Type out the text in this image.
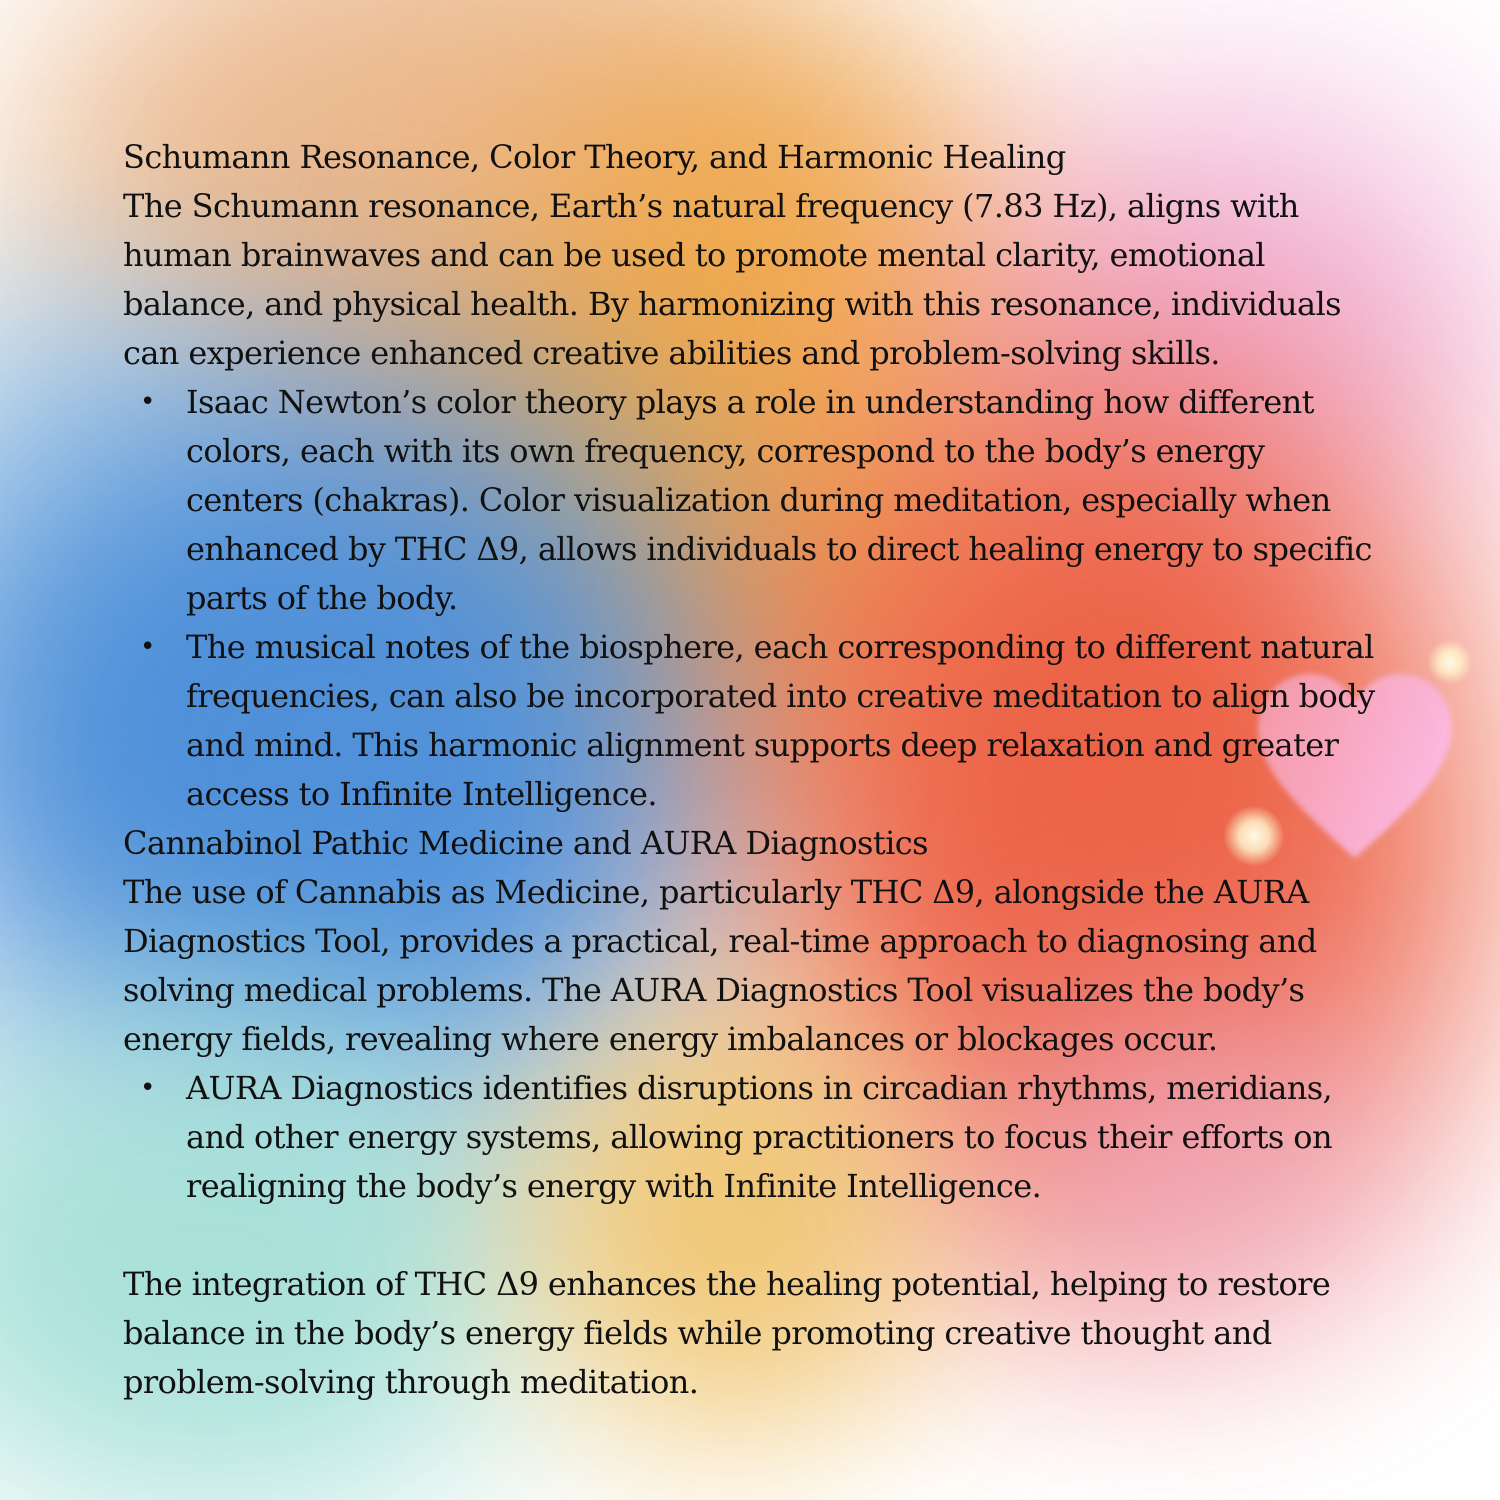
Schumann Resonance, Color Theory, and Harmonic Healing

The Schumann resonance, Earth’s natural frequency (7.83 Hz), aligns with human brainwaves and can be used to promote mental clarity, emotional balance, and physical health. By harmonizing with this resonance, individuals can experience enhanced creative abilities and problem-solving skills.

• Isaac Newton’s color theory plays a role in understanding how different colors, each with its own frequency, correspond to the body’s energy centers (chakras). Color visualization during meditation, especially when enhanced by THC Δ9, allows individuals to direct healing energy to specific parts of the body.
• The musical notes of the biosphere, each corresponding to different natural frequencies, can also be incorporated into creative meditation to align body and mind. This harmonic alignment supports deep relaxation and greater access to Infinite Intelligence.

Cannabinol Pathic Medicine and AURA Diagnostics

The use of Cannabis as Medicine, particularly THC Δ9, alongside the AURA Diagnostics Tool, provides a practical, real-time approach to diagnosing and solving medical problems. The AURA Diagnostics Tool visualizes the body’s energy fields, revealing where energy imbalances or blockages occur.

• AURA Diagnostics identifies disruptions in circadian rhythms, meridians, and other energy systems, allowing practitioners to focus their efforts on realigning the body’s energy with Infinite Intelligence.

The integration of THC Δ9 enhances the healing potential, helping to restore balance in the body’s energy fields while promoting creative thought and problem-solving through meditation.
